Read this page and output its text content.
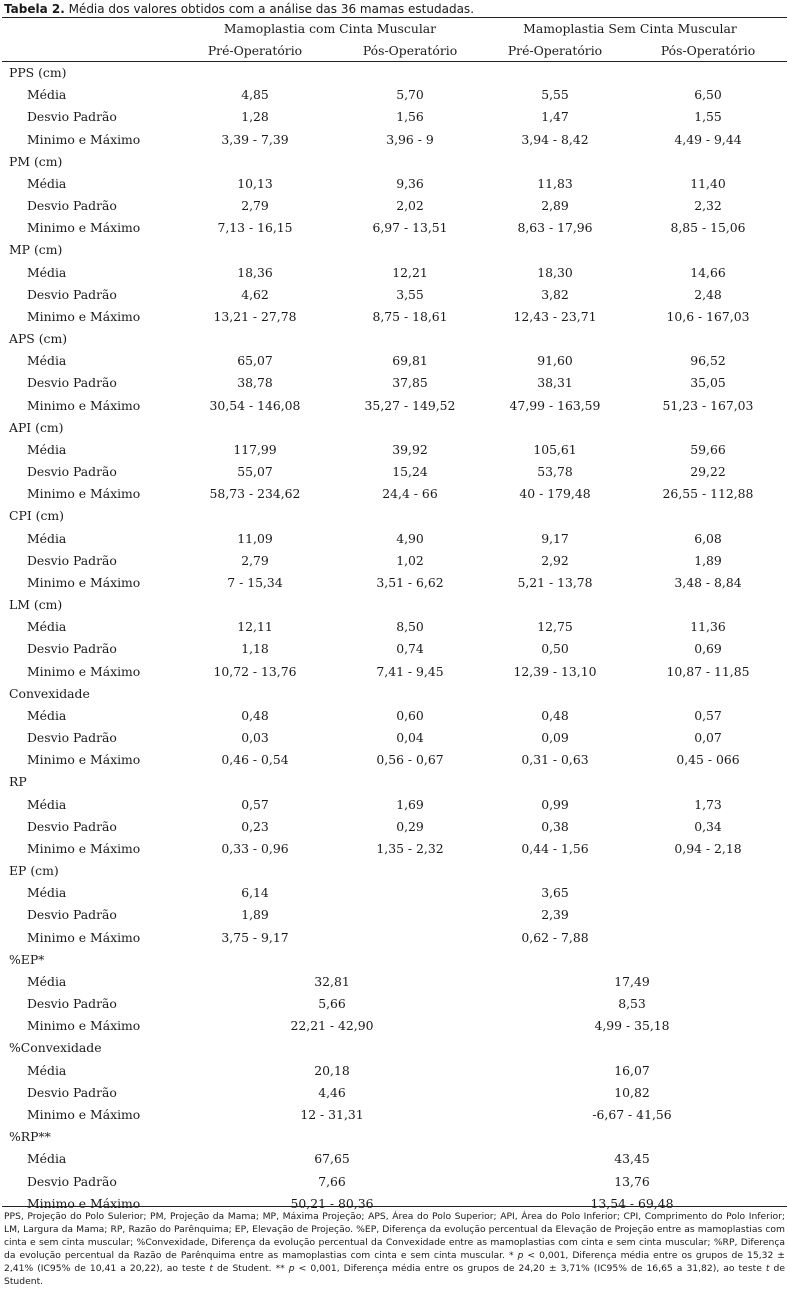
Tabela 2. Média dos valores obtidos com a análise das 36 mamas estudadas.
Mamoplastia com Cinta Muscular	Mamoplastia Sem Cinta Muscular
Pré-Operatório	Pós-Operatório	Pré-Operatório	Pós-Operatório
PPS (cm)
Média	4,85	5,70	5,55	6,50
Desvio Padrão	1,28	1,56	1,47	1,55
Minimo e Máximo	3,39 - 7,39	3,96 - 9	3,94 - 8,42	4,49 - 9,44
PM (cm)
Média	10,13	9,36	11,83	11,40
Desvio Padrão	2,79	2,02	2,89	2,32
Minimo e Máximo	7,13 - 16,15	6,97 - 13,51	8,63 - 17,96	8,85 - 15,06
MP (cm)
Média	18,36	12,21	18,30	14,66
Desvio Padrão	4,62	3,55	3,82	2,48
Minimo e Máximo	13,21 - 27,78	8,75 - 18,61	12,43 - 23,71	10,6 - 167,03
APS (cm)
Média	65,07	69,81	91,60	96,52
Desvio Padrão	38,78	37,85	38,31	35,05
Minimo e Máximo	30,54 - 146,08	35,27 - 149,52	47,99 - 163,59	51,23 - 167,03
API (cm)
Média	117,99	39,92	105,61	59,66
Desvio Padrão	55,07	15,24	53,78	29,22
Minimo e Máximo	58,73 - 234,62	24,4 - 66	40 - 179,48	26,55 - 112,88
CPI (cm)
Média	11,09	4,90	9,17	6,08
Desvio Padrão	2,79	1,02	2,92	1,89
Minimo e Máximo	7 - 15,34	3,51 - 6,62	5,21 - 13,78	3,48 - 8,84
LM (cm)
Média	12,11	8,50	12,75	11,36
Desvio Padrão	1,18	0,74	0,50	0,69
Minimo e Máximo	10,72 - 13,76	7,41 - 9,45	12,39 - 13,10	10,87 - 11,85
Convexidade
Média	0,48	0,60	0,48	0,57
Desvio Padrão	0,03	0,04	0,09	0,07
Minimo e Máximo	0,46 - 0,54	0,56 - 0,67	0,31 - 0,63	0,45 - 066
RP
Média	0,57	1,69	0,99	1,73
Desvio Padrão	0,23	0,29	0,38	0,34
Minimo e Máximo	0,33 - 0,96	1,35 - 2,32	0,44 - 1,56	0,94 - 2,18
EP (cm)
Média	6,14	3,65
Desvio Padrão	1,89	2,39
Minimo e Máximo	3,75 - 9,17	0,62 - 7,88
%EP*
Média	32,81	17,49
Desvio Padrão	5,66	8,53
Minimo e Máximo	22,21 - 42,90	4,99 - 35,18
%Convexidade
Média	20,18	16,07
Desvio Padrão	4,46	10,82
Minimo e Máximo	12 - 31,31	-6,67 - 41,56
%RP**
Média	67,65	43,45
Desvio Padrão	7,66	13,76
Minimo e Máximo	50,21 - 80,36	13,54 - 69,48
PPS, Projeção do Polo Sulerior; PM, Projeção da Mama; MP, Máxima Projeção; APS, Área do Polo Superior; API, Área do Polo Inferior; CPI, Comprimento do Polo Inferior; LM, Largura da Mama; RP, Razão do Parênquima; EP, Elevação de Projeção. %EP, Diferença da evolução percentual da Elevação de Projeção entre as mamoplastias com cinta e sem cinta muscular; %Convexidade, Diferença da evolução percentual da Convexidade entre as mamoplastias com cinta e sem cinta muscular; %RP, Diferença da evolução percentual da Razão de Parênquima entre as mamoplastias com cinta e sem cinta muscular. * p < 0,001, Diferença média entre os grupos de 15,32 ± 2,41% (IC95% de 10,41 a 20,22), ao teste t de Student. ** p < 0,001, Diferença média entre os grupos de 24,20 ± 3,71% (IC95% de 16,65 a 31,82), ao teste t de Student.
